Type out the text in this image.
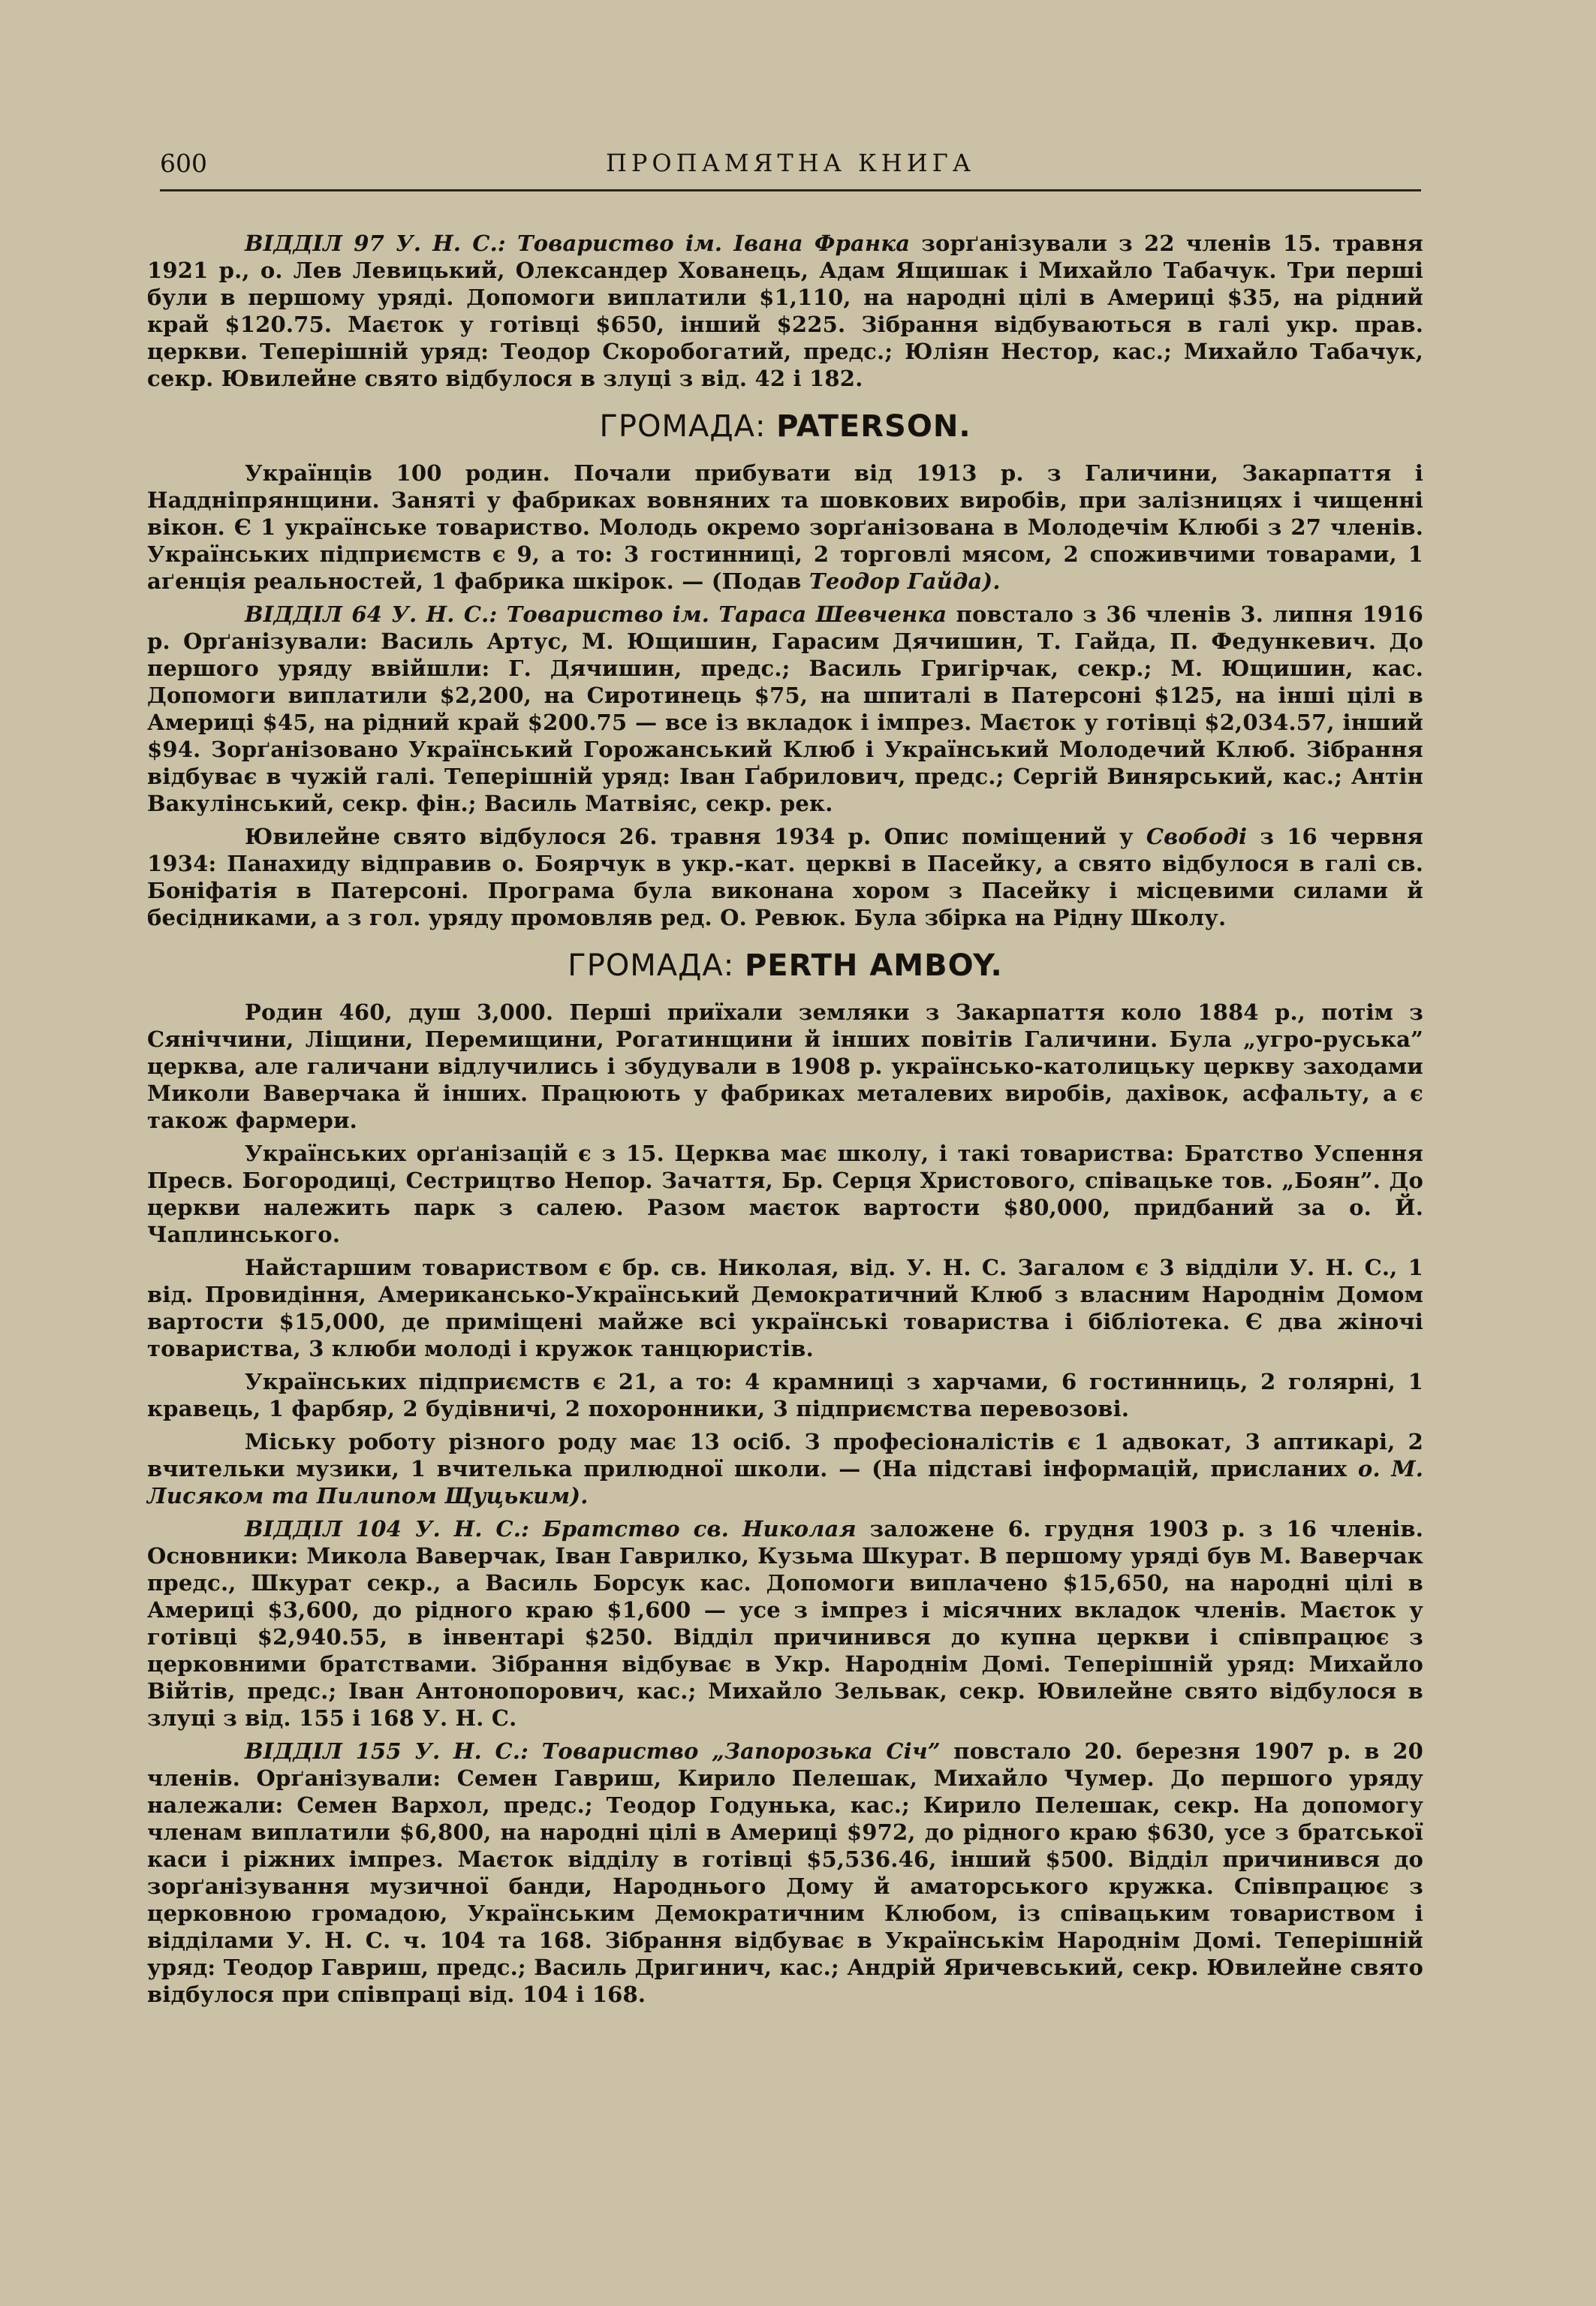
600	ПРОПАМЯТНА КНИГА

ВІДДІЛ 97 У. Н. С.: Товариство ім. Івана Франка зорґанізували з 22 членів 15. травня 1921 р., о. Лев Левицький, Олександер Хованець, Адам Ящишак і Михайло Табачук. Три перші були в першому уряді. Допомоги виплатили $1,110, на народні цілі в Америці $35, на рідний край $120.75. Маєток у готівці $650, інший $225. Зібрання відбуваються в галі укр. прав. церкви. Теперішній уряд: Теодор Скоробогатий, предс.; Юліян Нестор, кас.; Михайло Табачук, секр. Ювилейне свято відбулося в злуці з від. 42 і 182.

ГРОМАДА: PATERSON.

Українців 100 родин. Почали прибувати від 1913 р. з Галичини, Закарпаття і Наддніпрянщини. Заняті у фабриках вовняних та шовкових виробів, при залізницях і чищенні вікон. Є 1 українське товариство. Молодь окремо зорґанізована в Молодечім Клюбі з 27 членів. Українських підприємств є 9, а то: 3 гостинниці, 2 торговлі мясом, 2 споживчими товарами, 1 аґенція реальностей, 1 фабрика шкірок. — (Подав Теодор Гайда).

ВІДДІЛ 64 У. Н. С.: Товариство ім. Тараса Шевченка повстало з 36 членів 3. липня 1916 р. Орґанізували: Василь Артус, М. Ющишин, Гарасим Дячишин, Т. Гайда, П. Федункевич. До першого уряду ввійшли: Г. Дячишин, предс.; Василь Григірчак, секр.; М. Ющишин, кас. Допомоги виплатили $2,200, на Сиротинець $75, на шпиталі в Патерсоні $125, на інші цілі в Америці $45, на рідний край $200.75 — все із вкладок і імпрез. Маєток у готівці $2,034.57, інший $94. Зорґанізовано Український Горожанський Клюб і Український Молодечий Клюб. Зібрання відбуває в чужій галі. Теперішній уряд: Іван Ґабрилович, предс.; Сергій Винярський, кас.; Антін Вакулінський, секр. фін.; Василь Матвіяс, секр. рек.

Ювилейне свято відбулося 26. травня 1934 р. Опис поміщений у Свободі з 16 червня 1934: Панахиду відправив о. Боярчук в укр.-кат. церкві в Пасейку, а свято відбулося в галі св. Боніфатія в Патерсоні. Програма була виконана хором з Пасейку і місцевими силами й бесідниками, а з гол. уряду промовляв ред. О. Ревюк. Була збірка на Рідну Школу.

ГРОМАДА: PERTH AMBOY.

Родин 460, душ 3,000. Перші приїхали земляки з Закарпаття коло 1884 р., потім з Сяніччини, Ліщини, Перемищини, Рогатинщини й інших повітів Галичини. Була „угро-руська” церква, але галичани відлучились і збудували в 1908 р. українсько-католицьку церкву заходами Миколи Ваверчака й інших. Працюють у фабриках металевих виробів, дахівок, асфальту, а є також фармери.

Українських орґанізацій є з 15. Церква має школу, і такі товариства: Братство Успення Пресв. Богородиці, Сестрицтво Непор. Зачаття, Бр. Серця Христового, співацьке тов. „Боян”. До церкви належить парк з салею. Разом маєток вартости $80,000, придбаний за о. Й. Чаплинського.

Найстаршим товариством є бр. св. Николая, від. У. Н. С. Загалом є 3 відділи У. Н. С., 1 від. Провидіння, Американсько-Український Демократичний Клюб з власним Народнім Домом вартости $15,000, де приміщені майже всі українські товариства і бібліотека. Є два жіночі товариства, 3 клюби молоді і кружок танцюристів.

Українських підприємств є 21, а то: 4 крамниці з харчами, 6 гостинниць, 2 голярні, 1 кравець, 1 фарбяр, 2 будівничі, 2 похоронники, 3 підприємства перевозові.

Міську роботу різного роду має 13 осіб. З професіоналістів є 1 адвокат, 3 аптикарі, 2 вчительки музики, 1 вчителька прилюдної школи. — (На підставі інформацій, присланих о. М. Лисяком та Пилипом Щуцьким).

ВІДДІЛ 104 У. Н. С.: Братство св. Николая заложене 6. грудня 1903 р. з 16 членів. Основники: Микола Ваверчак, Іван Гаврилко, Кузьма Шкурат. В першому уряді був М. Ваверчак предс., Шкурат секр., а Василь Борсук кас. Допомоги виплачено $15,650, на народні цілі в Америці $3,600, до рідного краю $1,600 — усе з імпрез і місячних вкладок членів. Маєток у готівці $2,940.55, в інвентарі $250. Відділ причинився до купна церкви і співпрацює з церковними братствами. Зібрання відбуває в Укр. Народнім Домі. Теперішній уряд: Михайло Війтів, предс.; Іван Антонопорович, кас.; Михайло Зельвак, секр. Ювилейне свято відбулося в злуці з від. 155 і 168 У. Н. С.

ВІДДІЛ 155 У. Н. С.: Товариство „Запорозька Січ” повстало 20. березня 1907 р. в 20 членів. Орґанізували: Семен Гавриш, Кирило Пелешак, Михайло Чумер. До першого уряду належали: Семен Вархол, предс.; Теодор Годунька, кас.; Кирило Пелешак, секр. На допомогу членам виплатили $6,800, на народні цілі в Америці $972, до рідного краю $630, усе з братської каси і ріжних імпрез. Маєток відділу в готівці $5,536.46, інший $500. Відділ причинився до зорґанізування музичної банди, Народнього Дому й аматорського кружка. Співпрацює з церковною громадою, Українським Демократичним Клюбом, із співацьким товариством і відділами У. Н. С. ч. 104 та 168. Зібрання відбуває в Українськім Народнім Домі. Теперішній уряд: Теодор Гавриш, предс.; Василь Дригинич, кас.; Андрій Яричевський, секр. Ювилейне свято відбулося при співпраці від. 104 і 168.
